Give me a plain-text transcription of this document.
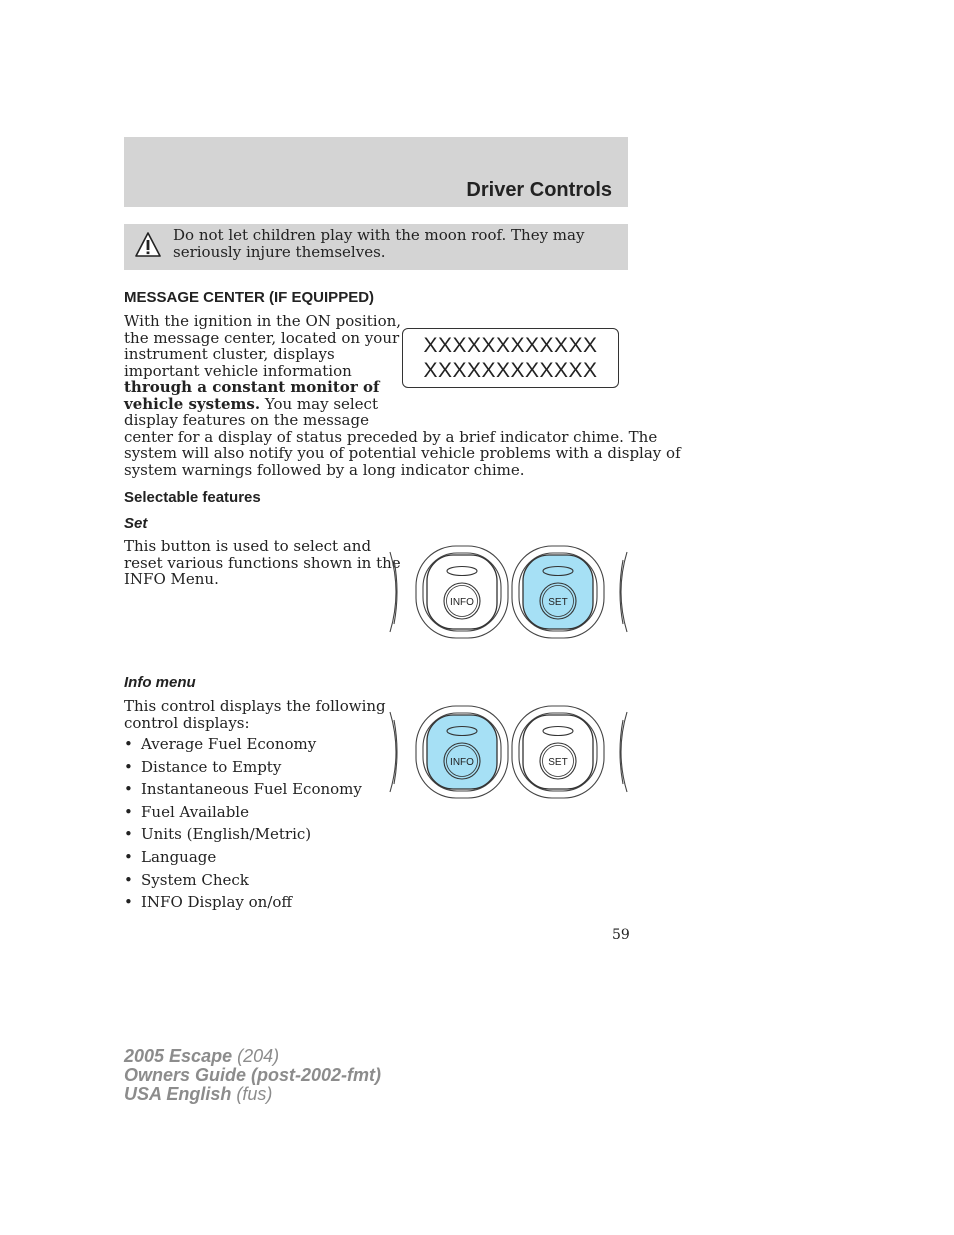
Driver Controls
Do not let children play with the moon roof. They may seriously injure themselves.
MESSAGE CENTER (IF EQUIPPED)
With the ignition in the ON position,
the message center, located on your
instrument cluster, displays
important vehicle information
through a constant monitor of
vehicle systems. You may select
display features on the message
center for a display of status preceded by a brief indicator chime. The
system will also notify you of potential vehicle problems with a display of
system warnings followed by a long indicator chime.
XXXXXXXXXXXX
XXXXXXXXXXXX
Selectable features
Set
This button is used to select and
reset various functions shown in the
INFO Menu.
INFO	SET
Info menu
This control displays the following
control displays:
• Average Fuel Economy
• Distance to Empty
• Instantaneous Fuel Economy
• Fuel Available
• Units (English/Metric)
• Language
• System Check
• INFO Display on/off
INFO	SET
59
2005 Escape (204)
Owners Guide (post-2002-fmt)
USA English (fus)
